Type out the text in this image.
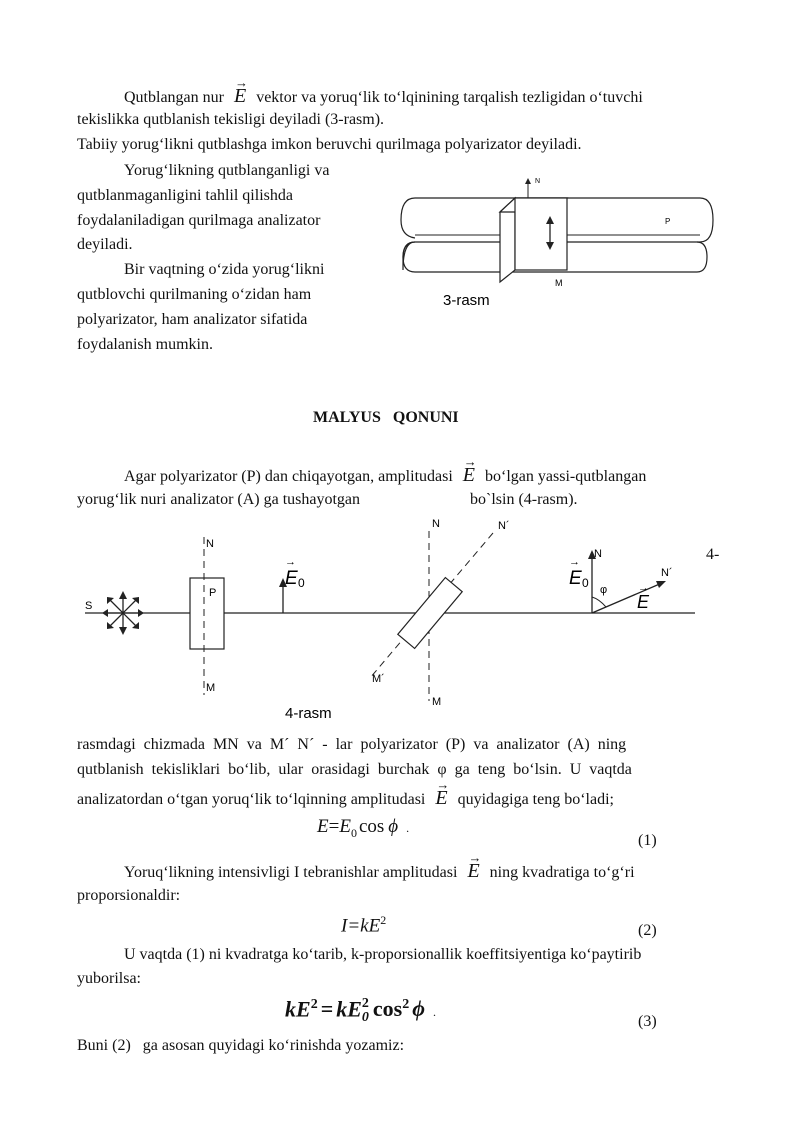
Qutblangan nur → E vektor va yoruq‘lik to‘lqinining tarqalish tezligidan o‘tuvchi
tekislikka qutblanish tekisligi deyiladi (3-rasm).
Tabiiy yorug‘likni qutblashga imkon beruvchi qurilmaga polyarizator deyiladi.
Yorug‘likning qutblanganligi va
qutblanmaganligini tahlil qilishda
foydalaniladigan qurilmaga analizator
deyiladi.
Bir vaqtning o‘zida yorug‘likni
qutblovchi qurilmaning o‘zidan ham
polyarizator, ham analizator sifatida
foydalanish mumkin.
N
P
M
3-rasm
MALYUS   QONUNI
Agar polyarizator (P) dan chiqayotgan, amplitudasi → E bo‘lgan yassi-qutblangan
yorug‘lik nuri analizator (A) ga tushayotgan	bo`lsin (4-rasm).
S
N
P
M
→
E 0
N	N´
M´
M
N
N´
φ	→
E
→
E 0
4-rasm
4-
rasmdagi  chizmada  MN  va  M´  N´  -  lar  polyarizator  (P)  va  analizator  (A)  ning
qutblanish  tekisliklari  bo‘lib,  ular  orasidagi  burchak  φ  ga  teng  bo‘lsin.  U  vaqtda
analizatordan o‘tgan yoruq‘lik to‘lqinning amplitudasi → E quyidagiga teng bo‘ladi;
$E=E_0$ cos ϕ .
(1)
Yoruq‘likning intensivligi I tebranishlar amplitudasi → E ning kvadratiga to‘g‘ri
proporsionaldir:
$I=kE^2$
(2)
U vaqtda (1) ni kvadratga ko‘tarib, k-proporsionallik koeffitsiyentiga ko‘paytirib
yuborilsa:
$kE^2$ = kE 2
0 $\cos^2 \phi$ .
(3)
Buni (2)   ga asosan quyidagi ko‘rinishda yozamiz:
